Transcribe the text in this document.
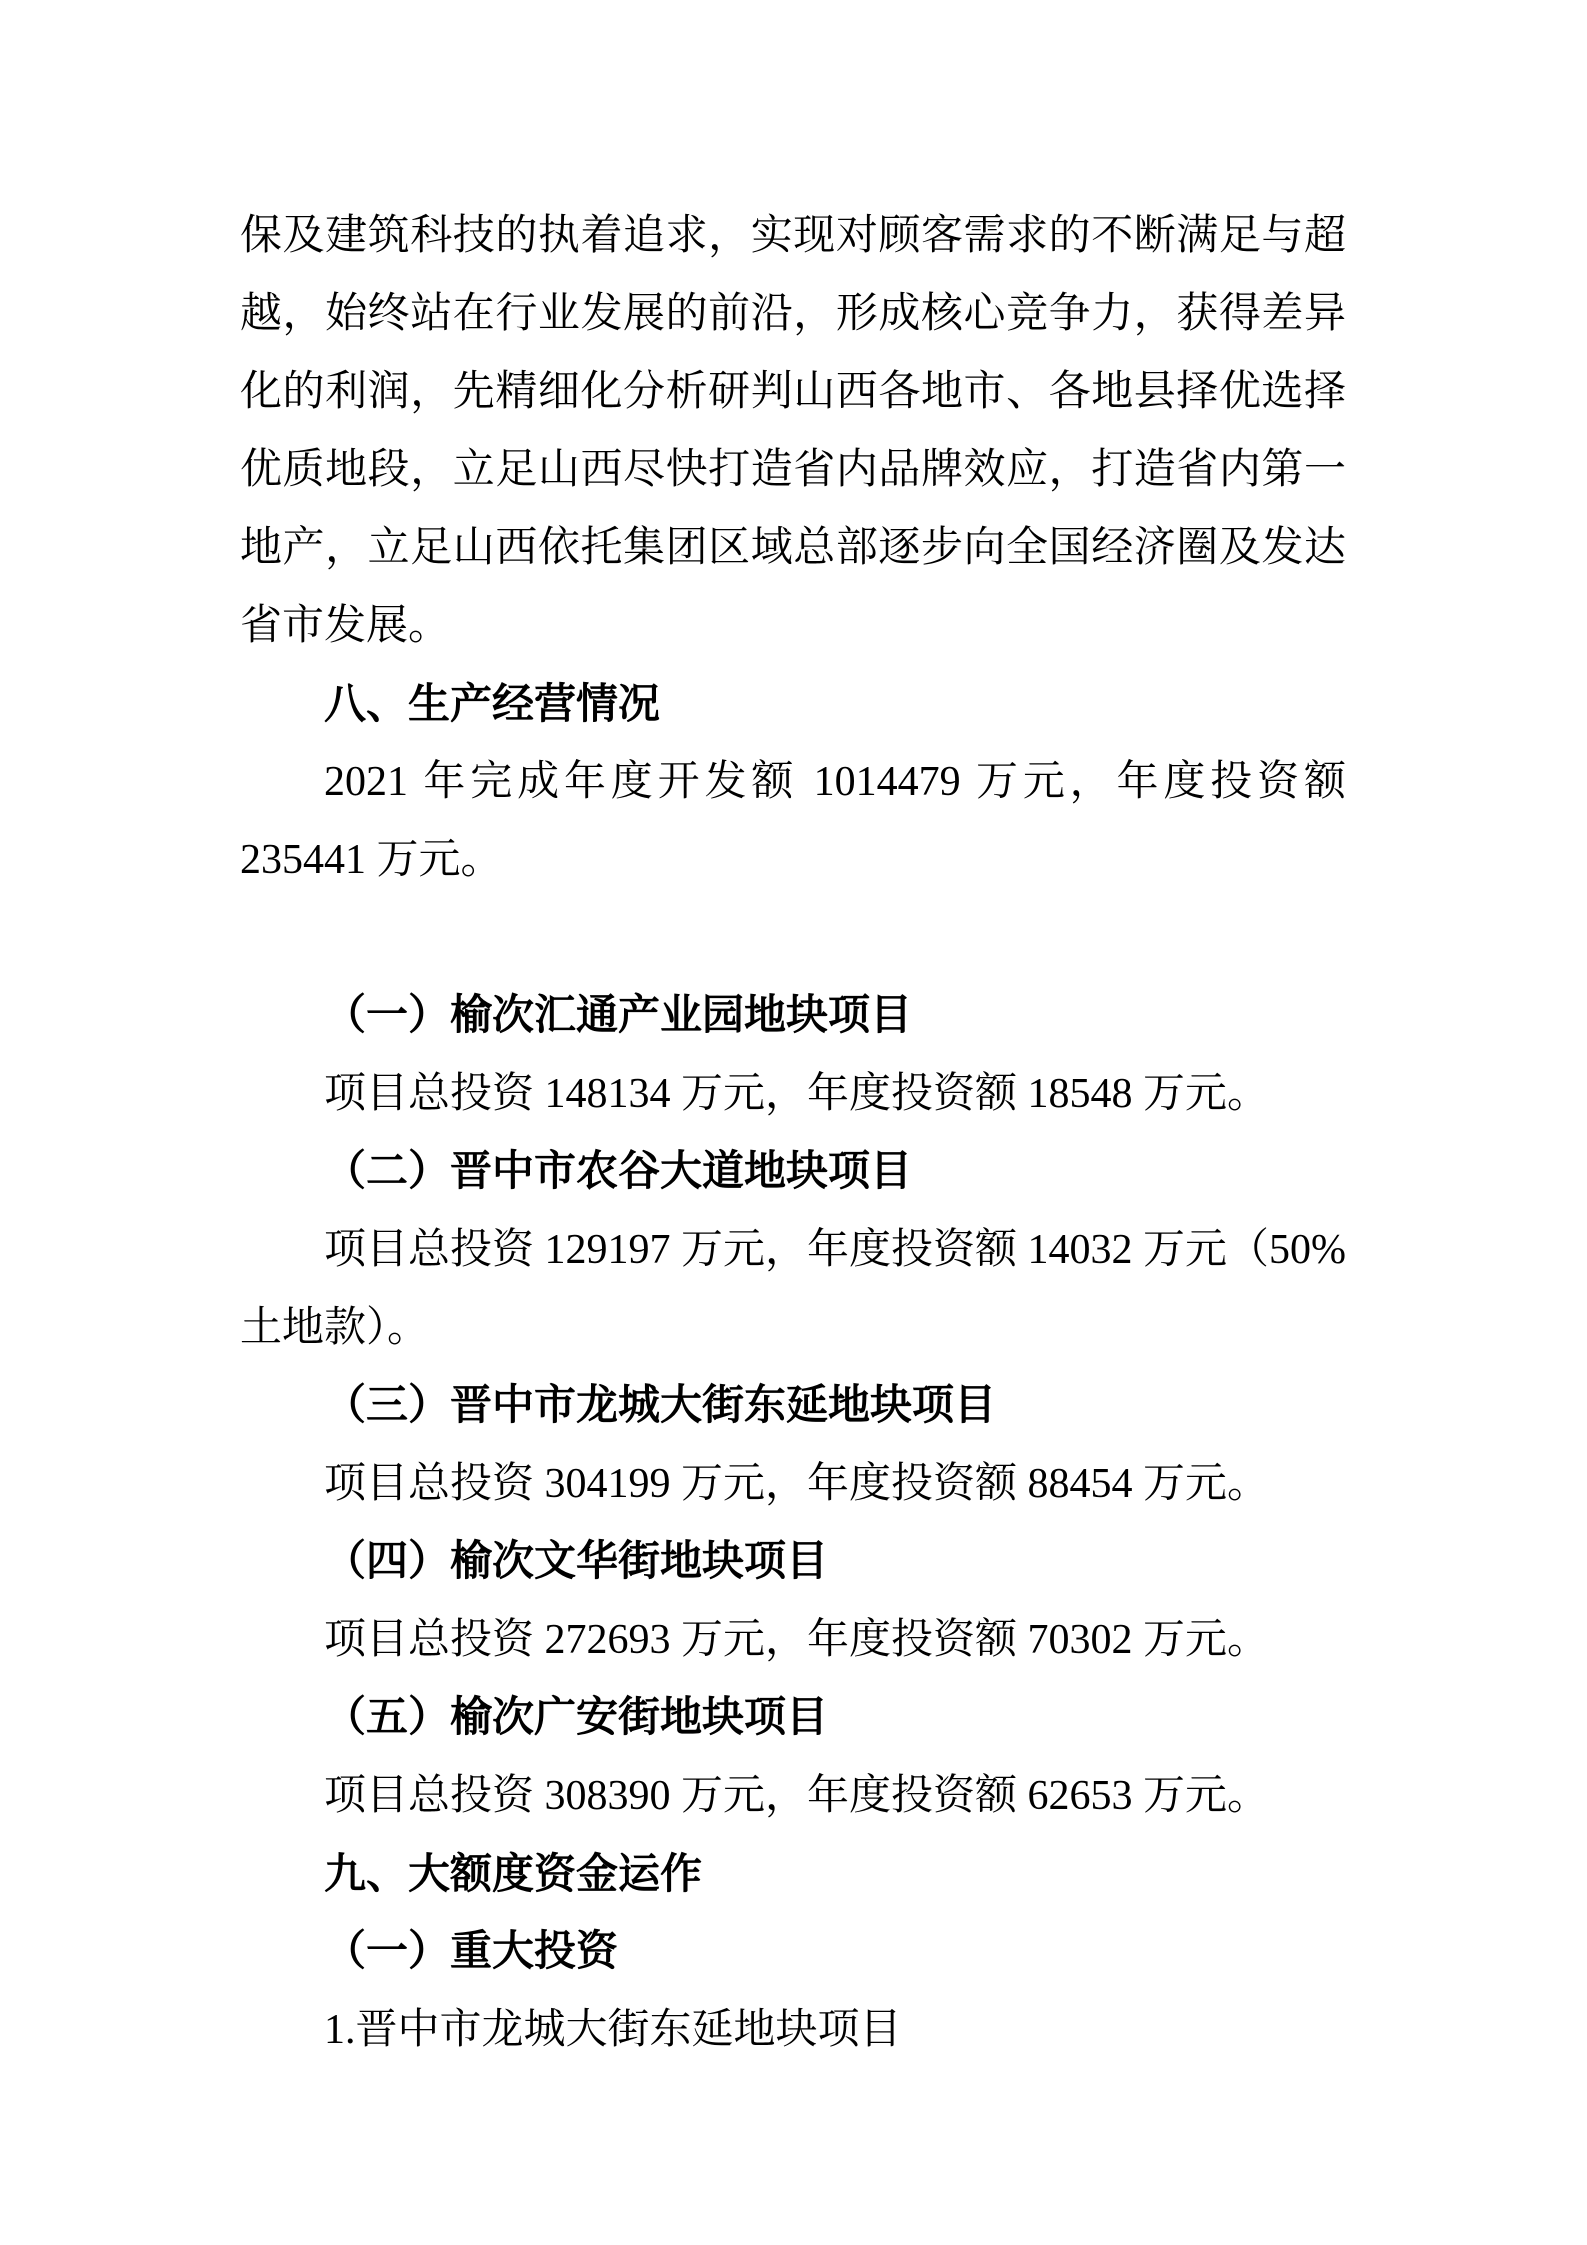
保及建筑科技的执着追求，实现对顾客需求的不断满足与超
越，始终站在行业发展的前沿，形成核心竞争力，获得差异
化的利润，先精细化分析研判山西各地市、各地县择优选择
优质地段，立足山西尽快打造省内品牌效应，打造省内第一
地产，立足山西依托集团区域总部逐步向全国经济圈及发达
省市发展。
八、生产经营情况
2021 年完成年度开发额 1014479 万元，年度投资额
235441 万元。
（一）榆次汇通产业园地块项目
项目总投资 148134 万元，年度投资额 18548 万元。
（二）晋中市农谷大道地块项目
项目总投资 129197 万元，年度投资额 14032 万元（50%
土地款）。
（三）晋中市龙城大街东延地块项目
项目总投资 304199 万元，年度投资额 88454 万元。
（四）榆次文华街地块项目
项目总投资 272693 万元，年度投资额 70302 万元。
（五）榆次广安街地块项目
项目总投资 308390 万元，年度投资额 62653 万元。
九、大额度资金运作
（一）重大投资
1.晋中市龙城大街东延地块项目
